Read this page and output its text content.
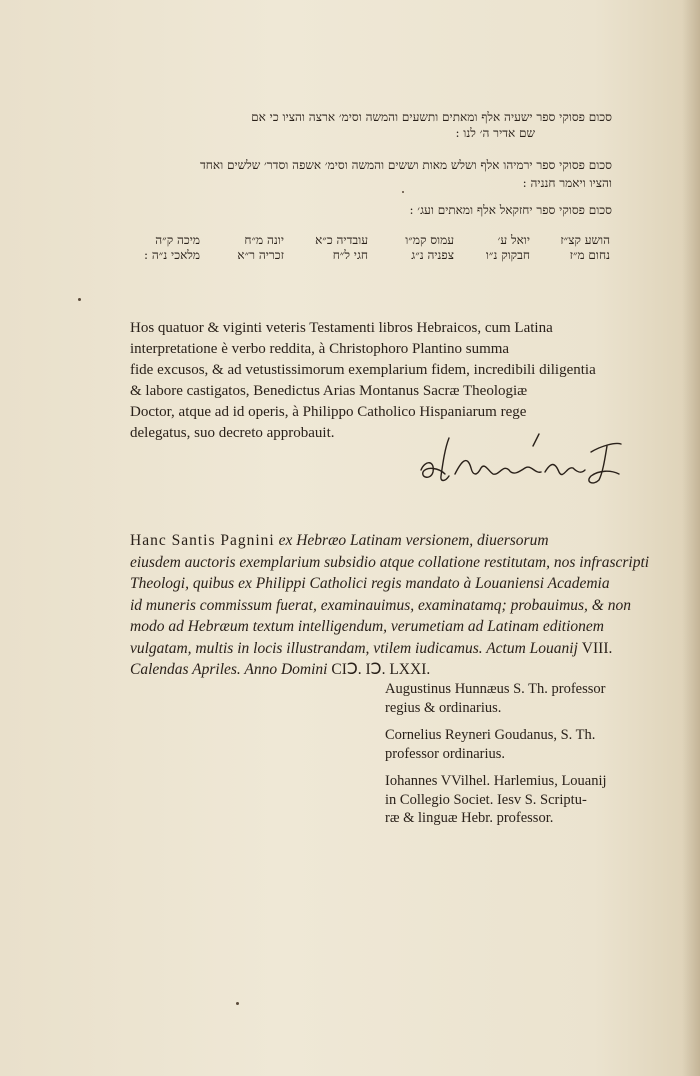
סכום פסוקי ספר ישעיה אלף ומאתים ותשעים והמשה וסימ׳ ארצה והציו כי אם
שם אדיר ה׳ לנו :
סכום פסוקי ספר ירמיהו אלף ושלש מאות וששים והמשה וסימ׳ אשפה וסדר׳ שלשים ואחד
והציו ויאמר חנניה :
סכום פסוקי ספר יחזקאל אלף ומאתים ועג׳ :
הושע קצ״ז
נחום מ״ז
יואל ע׳
חבקוק נ״ו
עמוס קמ״ו
צפניה נ״ג
עובדיה כ״א
חגי ל״ח
יונה מ״ח
זכריה ר״א
מיכה ק״ה
מלאכי נ״ה :

Hos quatuor & viginti veteris Testamenti libros Hebraicos, cum Latina

interpretatione è verbo reddita, à Christophoro Plantino summa

fide excusos, & ad vetustissimorum exemplarium fidem, incredibili diligentia

& labore castigatos, Benedictus Arias Montanus Sacræ Theologiæ

Doctor, atque ad id operis, à Philippo Catholico Hispaniarum rege

delegatus, suo decreto approbauit.

Hanc Santis Pagnini ex Hebræo Latinam versionem, diuersorum
eiusdem auctoris exemplarium subsidio atque collatione restitutam, nos infrascripti
Theologi, quibus ex Philippi Catholici regis mandato à Louaniensi Academia
id muneris commissum fuerat, examinauimus, examinatamq; probauimus, & non
modo ad Hebræum textum intelligendum, verumetiam ad Latinam editionem
vulgatam, multis in locis illustrandam, vtilem iudicamus. Actum Louanij VIII.
Calendas Apriles. Anno Domini CIↃ. IↃ. LXXI.
Augustinus Hunnæus S. Th. professor
regius & ordinarius.
Cornelius Reyneri Goudanus, S. Th.
professor ordinarius.
Iohannes VVilhel. Harlemius, Louanij
in Collegio Societ. Iesv S. Scriptu-
ræ & linguæ Hebr. professor.
